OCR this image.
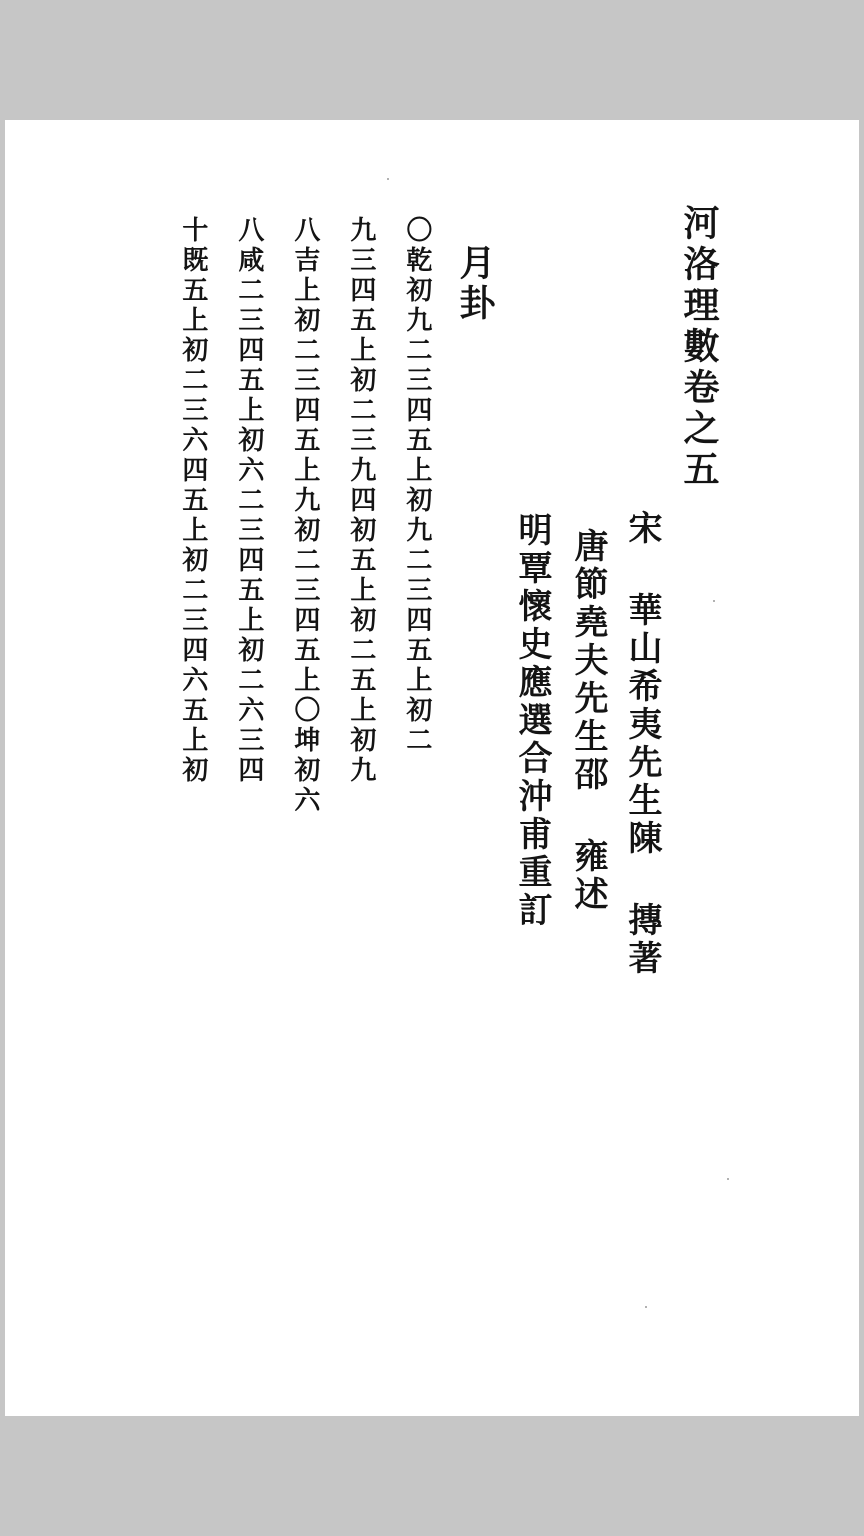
河洛理數卷之五
宋 華山希夷先生陳 摶著
唐節堯夫先生邵 雍述
明覃懷史應選合沖甫重訂
月卦
〇乾初九二三四五上初九二三四五上初二
九三四五上初二三九四初五上初二五上初九
八吉上初二三四五上九初二三四五上〇坤初六
八咸二三四五上初六二三四五上初二六三四
十既五上初二三六四五上初二三四六五上初
